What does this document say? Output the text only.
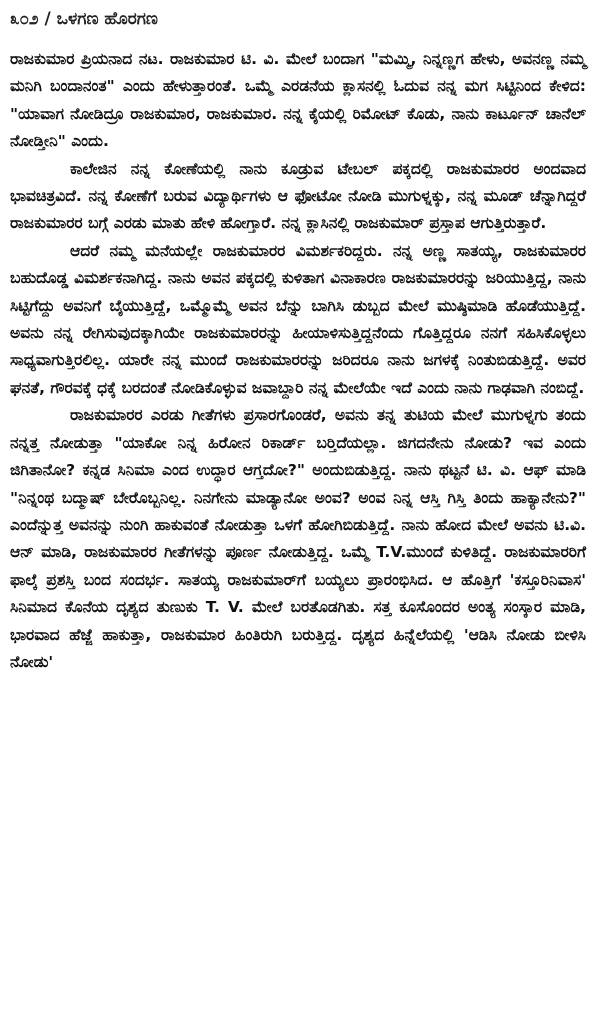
೩೦೨ / ಒಳಗಣ ಹೊರಗಣ

ರಾಜಕುಮಾರ ಪ್ರಿಯನಾದ ನಟ. ರಾಜಕುಮಾರ ಟಿ. ವಿ. ಮೇಲೆ ಬಂದಾಗ "ಮಮ್ಮಿ, ನಿನ್ನಣ್ಣಗ ಹೇಳು, ಅವನಣ್ಣ ನಮ್ಮ ಮನಿಗಿ ಬಂದಾನಂತ" ಎಂದು ಹೇಳುತ್ತಾರಂತೆ. ಒಮ್ಮೆ ಎರಡನೆಯ ಕ್ಲಾಸನಲ್ಲಿ ಓದುವ ನನ್ನ ಮಗ ಸಿಟ್ಟಿನಿಂದ ಕೇಳಿದ: "ಯಾವಾಗ ನೋಡಿದ್ರೂ ರಾಜಕುಮಾರ, ರಾಜಕುಮಾರ. ನನ್ನ ಕೈಯಲ್ಲಿ ರಿಮೋಟ್ ಕೊಡು, ನಾನು ಕಾರ್ಟೂನ್ ಚಾನೆಲ್ ನೋಡ್ತೀನಿ" ಎಂದು.

ಕಾಲೇಜಿನ ನನ್ನ ಕೋಣೆಯಲ್ಲಿ ನಾನು ಕೂಡ್ರುವ ಟೇಬಲ್ ಪಕ್ಕದಲ್ಲಿ ರಾಜಕುಮಾರರ ಅಂದವಾದ ಭಾವಚಿತ್ರವಿದೆ. ನನ್ನ ಕೋಣೆಗೆ ಬರುವ ವಿದ್ಯಾರ್ಥಿಗಳು ಆ ಫೋಟೋ ನೋಡಿ ಮುಗುಳ್ನಕ್ಕು, ನನ್ನ ಮೂಡ್ ಚೆನ್ನಾಗಿದ್ದರೆ ರಾಜಕುಮಾರರ ಬಗ್ಗೆ ಎರಡು ಮಾತು ಹೇಳಿ ಹೋಗ್ತಾರೆ. ನನ್ನ ಕ್ಲಾಸಿನಲ್ಲಿ ರಾಜಕುಮಾರ್ ಪ್ರಸ್ತಾಪ ಆಗುತ್ತಿರುತ್ತಾರೆ.

ಆದರೆ ನಮ್ಮ ಮನೆಯಲ್ಲೇ ರಾಜಕುಮಾರರ ವಿಮರ್ಶಕರಿದ್ದರು. ನನ್ನ ಅಣ್ಣ ಸಾತಯ್ಯ, ರಾಜಕುಮಾರರ ಬಹುದೊಡ್ಡ ವಿಮರ್ಶಕನಾಗಿದ್ದ. ನಾನು ಅವನ ಪಕ್ಕದಲ್ಲಿ ಕುಳಿತಾಗ ವಿನಾಕಾರಣ ರಾಜಕುಮಾರರನ್ನು ಜರಿಯುತ್ತಿದ್ದ, ನಾನು ಸಿಟ್ಟಿಗೆದ್ದು ಅವನಿಗೆ ಬೈಯುತ್ತಿದ್ದೆ, ಒಮ್ಮೊಮ್ಮೆ ಅವನ ಬೆನ್ನು ಬಾಗಿಸಿ ಡುಬ್ಬದ ಮೇಲೆ ಮುಷ್ಠಿಮಾಡಿ ಹೊಡೆಯುತ್ತಿದ್ದೆ. ಅವನು ನನ್ನ ರೇಗಿಸುವುದಕ್ಕಾಗಿಯೇ ರಾಜಕುಮಾರರನ್ನು ಹೀಯಾಳಿಸುತ್ತಿದ್ದನೆಂದು ಗೊತ್ತಿದ್ದರೂ ನನಗೆ ಸಹಿಸಿಕೊಳ್ಳಲು ಸಾಧ್ಯವಾಗುತ್ತಿರಲಿಲ್ಲ. ಯಾರೇ ನನ್ನ ಮುಂದೆ ರಾಜಕುಮಾರರನ್ನು ಜರಿದರೂ ನಾನು ಜಗಳಕ್ಕೆ ನಿಂತುಬಿಡುತ್ತಿದ್ದೆ. ಅವರ ಘನತೆ, ಗೌರವಕ್ಕೆ ಧಕ್ಕೆ ಬರದಂತೆ ನೋಡಿಕೊಳ್ಳುವ ಜವಾಬ್ದಾರಿ ನನ್ನ ಮೇಲೆಯೇ ಇದೆ ಎಂದು ನಾನು ಗಾಢವಾಗಿ ನಂಬಿದ್ದೆ.

ರಾಜಕುಮಾರರ ಎರಡು ಗೀತೆಗಳು ಪ್ರಸಾರಗೊಂಡರೆ, ಅವನು ತನ್ನ ತುಟಿಯ ಮೇಲೆ ಮುಗುಳ್ನಗು ತಂದು ನನ್ನತ್ತ ನೋಡುತ್ತಾ "ಯಾಕೋ ನಿನ್ನ ಹಿರೋನ ರಿಕಾರ್ಡ್ ಬರ್‍ತಿದೆಯಲ್ಲಾ. ಜಿಗದನೇನು ನೋಡು? ಇವ ಎಂದು ಜಿಗಿತಾನೋ? ಕನ್ನಡ ಸಿನಿಮಾ ಎಂದ ಉದ್ಧಾರ ಆಗ್ತದೋ?" ಅಂದುಬಿಡುತ್ತಿದ್ದ. ನಾನು ಥಟ್ಟನೆ ಟಿ. ವಿ. ಆಫ್ ಮಾಡಿ "ನಿನ್ನಂಥ ಬದ್ಮಾಷ್ ಬೇರೊಬ್ಬನಿಲ್ಲ. ನಿನಗೇನು ಮಾಡ್ಯಾನೋ ಅಂವ? ಅಂವ ನಿನ್ನ ಆಸ್ತಿ ಗಿಸ್ತಿ ತಿಂದು ಹಾಕ್ಯಾನೇನು?" ಎಂದೆನ್ನುತ್ತ ಅವನನ್ನು ನುಂಗಿ ಹಾಕುವಂತೆ ನೋಡುತ್ತಾ ಒಳಗೆ ಹೋಗಿಬಿಡುತ್ತಿದ್ದೆ. ನಾನು ಹೋದ ಮೇಲೆ ಅವನು ಟಿ.ವಿ. ಆನ್ ಮಾಡಿ, ರಾಜಕುಮಾರರ ಗೀತೆಗಳನ್ನು ಪೂರ್ಣ ನೋಡುತ್ತಿದ್ದ. ಒಮ್ಮೆ T.V.ಮುಂದೆ ಕುಳಿತಿದ್ದೆ. ರಾಜಕುಮಾರರಿಗೆ ಫಾಲ್ಕೆ ಪ್ರಶಸ್ತಿ ಬಂದ ಸಂದರ್ಭ. ಸಾತಯ್ಯ ರಾಜಕುಮಾರ್‌ಗೆ ಬಯ್ಯಲು ಪ್ರಾರಂಭಿಸಿದ. ಆ ಹೊತ್ತಿಗೆ 'ಕಸ್ತೂರಿನಿವಾಸ' ಸಿನಿಮಾದ ಕೊನೆಯ ದೃಶ್ಯದ ತುಣುಕು T. V. ಮೇಲೆ ಬರತೊಡಗಿತು. ಸತ್ತ ಕೂಸೊಂದರ ಅಂತ್ಯ ಸಂಸ್ಕಾರ ಮಾಡಿ, ಭಾರವಾದ ಹೆಜ್ಜೆ ಹಾಕುತ್ತಾ, ರಾಜಕುಮಾರ ಹಿಂತಿರುಗಿ ಬರುತ್ತಿದ್ದ. ದೃಶ್ಯದ ಹಿನ್ನೆಲೆಯಲ್ಲಿ 'ಆಡಿಸಿ ನೋಡು ಬೀಳಿಸಿ ನೋಡು'
